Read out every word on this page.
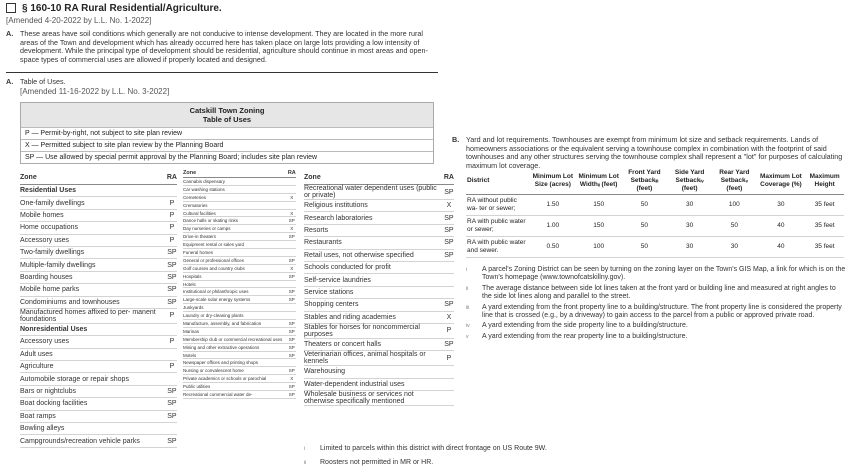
§ 160-10 RA Rural Residential/Agriculture.
[Amended 4-20-2022 by L.L. No. 1-2022]
A. These areas have soil conditions which generally are not conducive to intense development. They are located in the more rural areas of the Town and development which has already occurred here has taken place on large lots providing a low intensity of development. While the principal type of development should be residential, agriculture should continue in most areas and open-space types of commercial uses are allowed if properly located and designed.
A. Table of Uses.
[Amended 11-16-2022 by L.L. No. 3-2022]
Catskill Town Zoning
Table of Uses
P — Permit-by-right, not subject to site plan review
X — Permitted subject to site plan review by the Planning Board
SP — Use allowed by special permit approval by the Planning Board; includes site plan review
Zone	RA
Residential Uses	
One-family dwellings	P
Mobile homes	P
Home occupations	P
Accessory uses	P
Two-family dwellings	SP
Multiple-family dwellings	SP
Boarding houses	SP
Mobile home parks	SP
Condominiums and townhouses	SP
Manufactured homes affixed to per- manent foundations	P
Nonresidential Uses	
Accessory uses	P
Adult uses	
Agriculture	P
Automobile storage or repair shops	
Bars or nightclubs	SP
Boat docking facilities	SP
Boat ramps	SP
Bowling alleys	
Campgrounds/recreation vehicle parks	SP
Zone	RA
Cannabis dispensary	
Car washing stations	
Cemeteries	X
Crematories	
Cultural facilities	X
Dance halls or skating rinks	SP
Day nurseries or camps	X
Drive-in theaters	SP
Equipment rental or sales yard	
Funeral homes	
General or professional offices	SP
Golf courses and country clubs	X
Hospitals	SP
Hotels	
Institutional or philanthropic uses	SP
Large-scale solar energy systems	SP
Junkyards	
Laundry or dry-cleaning plants	
Manufacture, assembly, and fabrication	SP
Marinas	SP
Membership club or commercial recreational uses	SP
Mining and other extractive operations	SP
Motels	SP
Newspaper offices and printing shops	
Nursing or convalescent home	SP
Private academics or schools or parochial	X
Public utilities	SP
Recreational commercial water de-	SP
Zone	RA
Recreational water dependent uses (public or private)	SP
Religious institutions	X
Research laboratories	SP
Resorts	SP
Restaurants	SP
Retail uses, not otherwise specified	SP
Schools conducted for profit	
Self-service laundries	
Service stations	
Shopping centers	SP
Stables and riding academies	X
Stables for horses for noncommercial purposes	P
Theaters or concert halls	SP
Veterinarian offices, animal hospitals or kennels	P
Warehousing	
Water-dependent industrial uses	
Wholesale business or services not otherwise specifically mentioned	
i Limited to parcels within this district with direct frontage on US Route 9W.
ii Roosters not permitted in MR or HR.
B. Yard and lot requirements. Townhouses are exempt from minimum lot size and setback requirements. Lands of homeowners associations or the equivalent serving a townhouse complex in combination with the footprint of said townhouses and any other structures serving the townhouse complex shall represent a "lot" for purposes of calculating maximum lot coverage.
District	Minimum Lot Size (acres)	Minimum Lot Widthᵢᵢ (feet)	Front Yard Setbackᵢᵢᵢ (feet)	Side Yard Setbackᵢᵥ (feet)	Rear Yard Setbackᵥ (feet)	Maximum Lot Coverage (%)	Maximum Height
RA without public wa- ter or sewer;	1.50	150	50	30	100	30	35 feet
RA with public water or sewer;	1.00	150	50	30	50	40	35 feet
RA with public water and sewer.	0.50	100	50	30	30	40	35 feet
i A parcel's Zoning District can be seen by turning on the zoning layer on the Town's GIS Map, a link for which is on the Town's homepage (www.townofcatskillny.gov).
ii The average distance between side lot lines taken at the front yard or building line and measured at right angles to the side lot lines along and parallel to the street.
iii A yard extending from the front property line to a building/structure. The front property line is considered the property line that is crossed (e.g., by a driveway) to gain access to the parcel from a public or approved private road.
iv A yard extending from the side property line to a building/structure.
v A yard extending from the rear property line to a building/structure.
